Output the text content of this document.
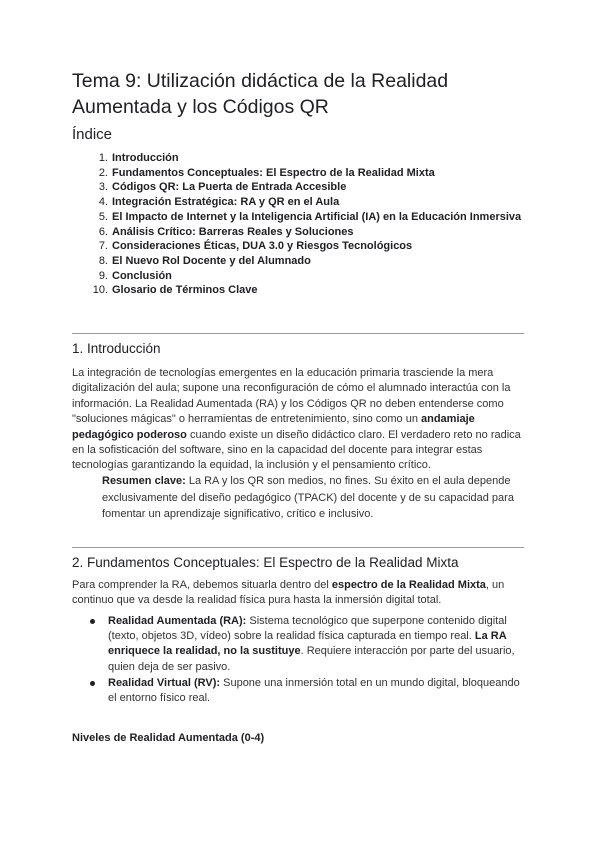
Tema 9: Utilización didáctica de la Realidad Aumentada y los Códigos QR
Índice
1. Introducción
2. Fundamentos Conceptuales: El Espectro de la Realidad Mixta
3. Códigos QR: La Puerta de Entrada Accesible
4. Integración Estratégica: RA y QR en el Aula
5. El Impacto de Internet y la Inteligencia Artificial (IA) en la Educación Inmersiva
6. Análisis Crítico: Barreras Reales y Soluciones
7. Consideraciones Éticas, DUA 3.0 y Riesgos Tecnológicos
8. El Nuevo Rol Docente y del Alumnado
9. Conclusión
10. Glosario de Términos Clave
1. Introducción

La integración de tecnologías emergentes en la educación primaria trasciende la mera digitalización del aula; supone una reconfiguración de cómo el alumnado interactúa con la información. La Realidad Aumentada (RA) y los Códigos QR no deben entenderse como "soluciones mágicas" o herramientas de entretenimiento, sino como un andamiaje pedagógico poderoso cuando existe un diseño didáctico claro. El verdadero reto no radica en la sofisticación del software, sino en la capacidad del docente para integrar estas tecnologías garantizando la equidad, la inclusión y el pensamiento crítico.

Resumen clave: La RA y los QR son medios, no fines. Su éxito en el aula depende exclusivamente del diseño pedagógico (TPACK) del docente y de su capacidad para fomentar un aprendizaje significativo, crítico e inclusivo.

2. Fundamentos Conceptuales: El Espectro de la Realidad Mixta

Para comprender la RA, debemos situarla dentro del espectro de la Realidad Mixta, un continuo que va desde la realidad física pura hasta la inmersión digital total.

Realidad Aumentada (RA): Sistema tecnológico que superpone contenido digital (texto, objetos 3D, vídeo) sobre la realidad física capturada en tiempo real. La RA enriquece la realidad, no la sustituye. Requiere interacción por parte del usuario, quien deja de ser pasivo.
Realidad Virtual (RV): Supone una inmersión total en un mundo digital, bloqueando el entorno físico real.
Niveles de Realidad Aumentada (0-4)
